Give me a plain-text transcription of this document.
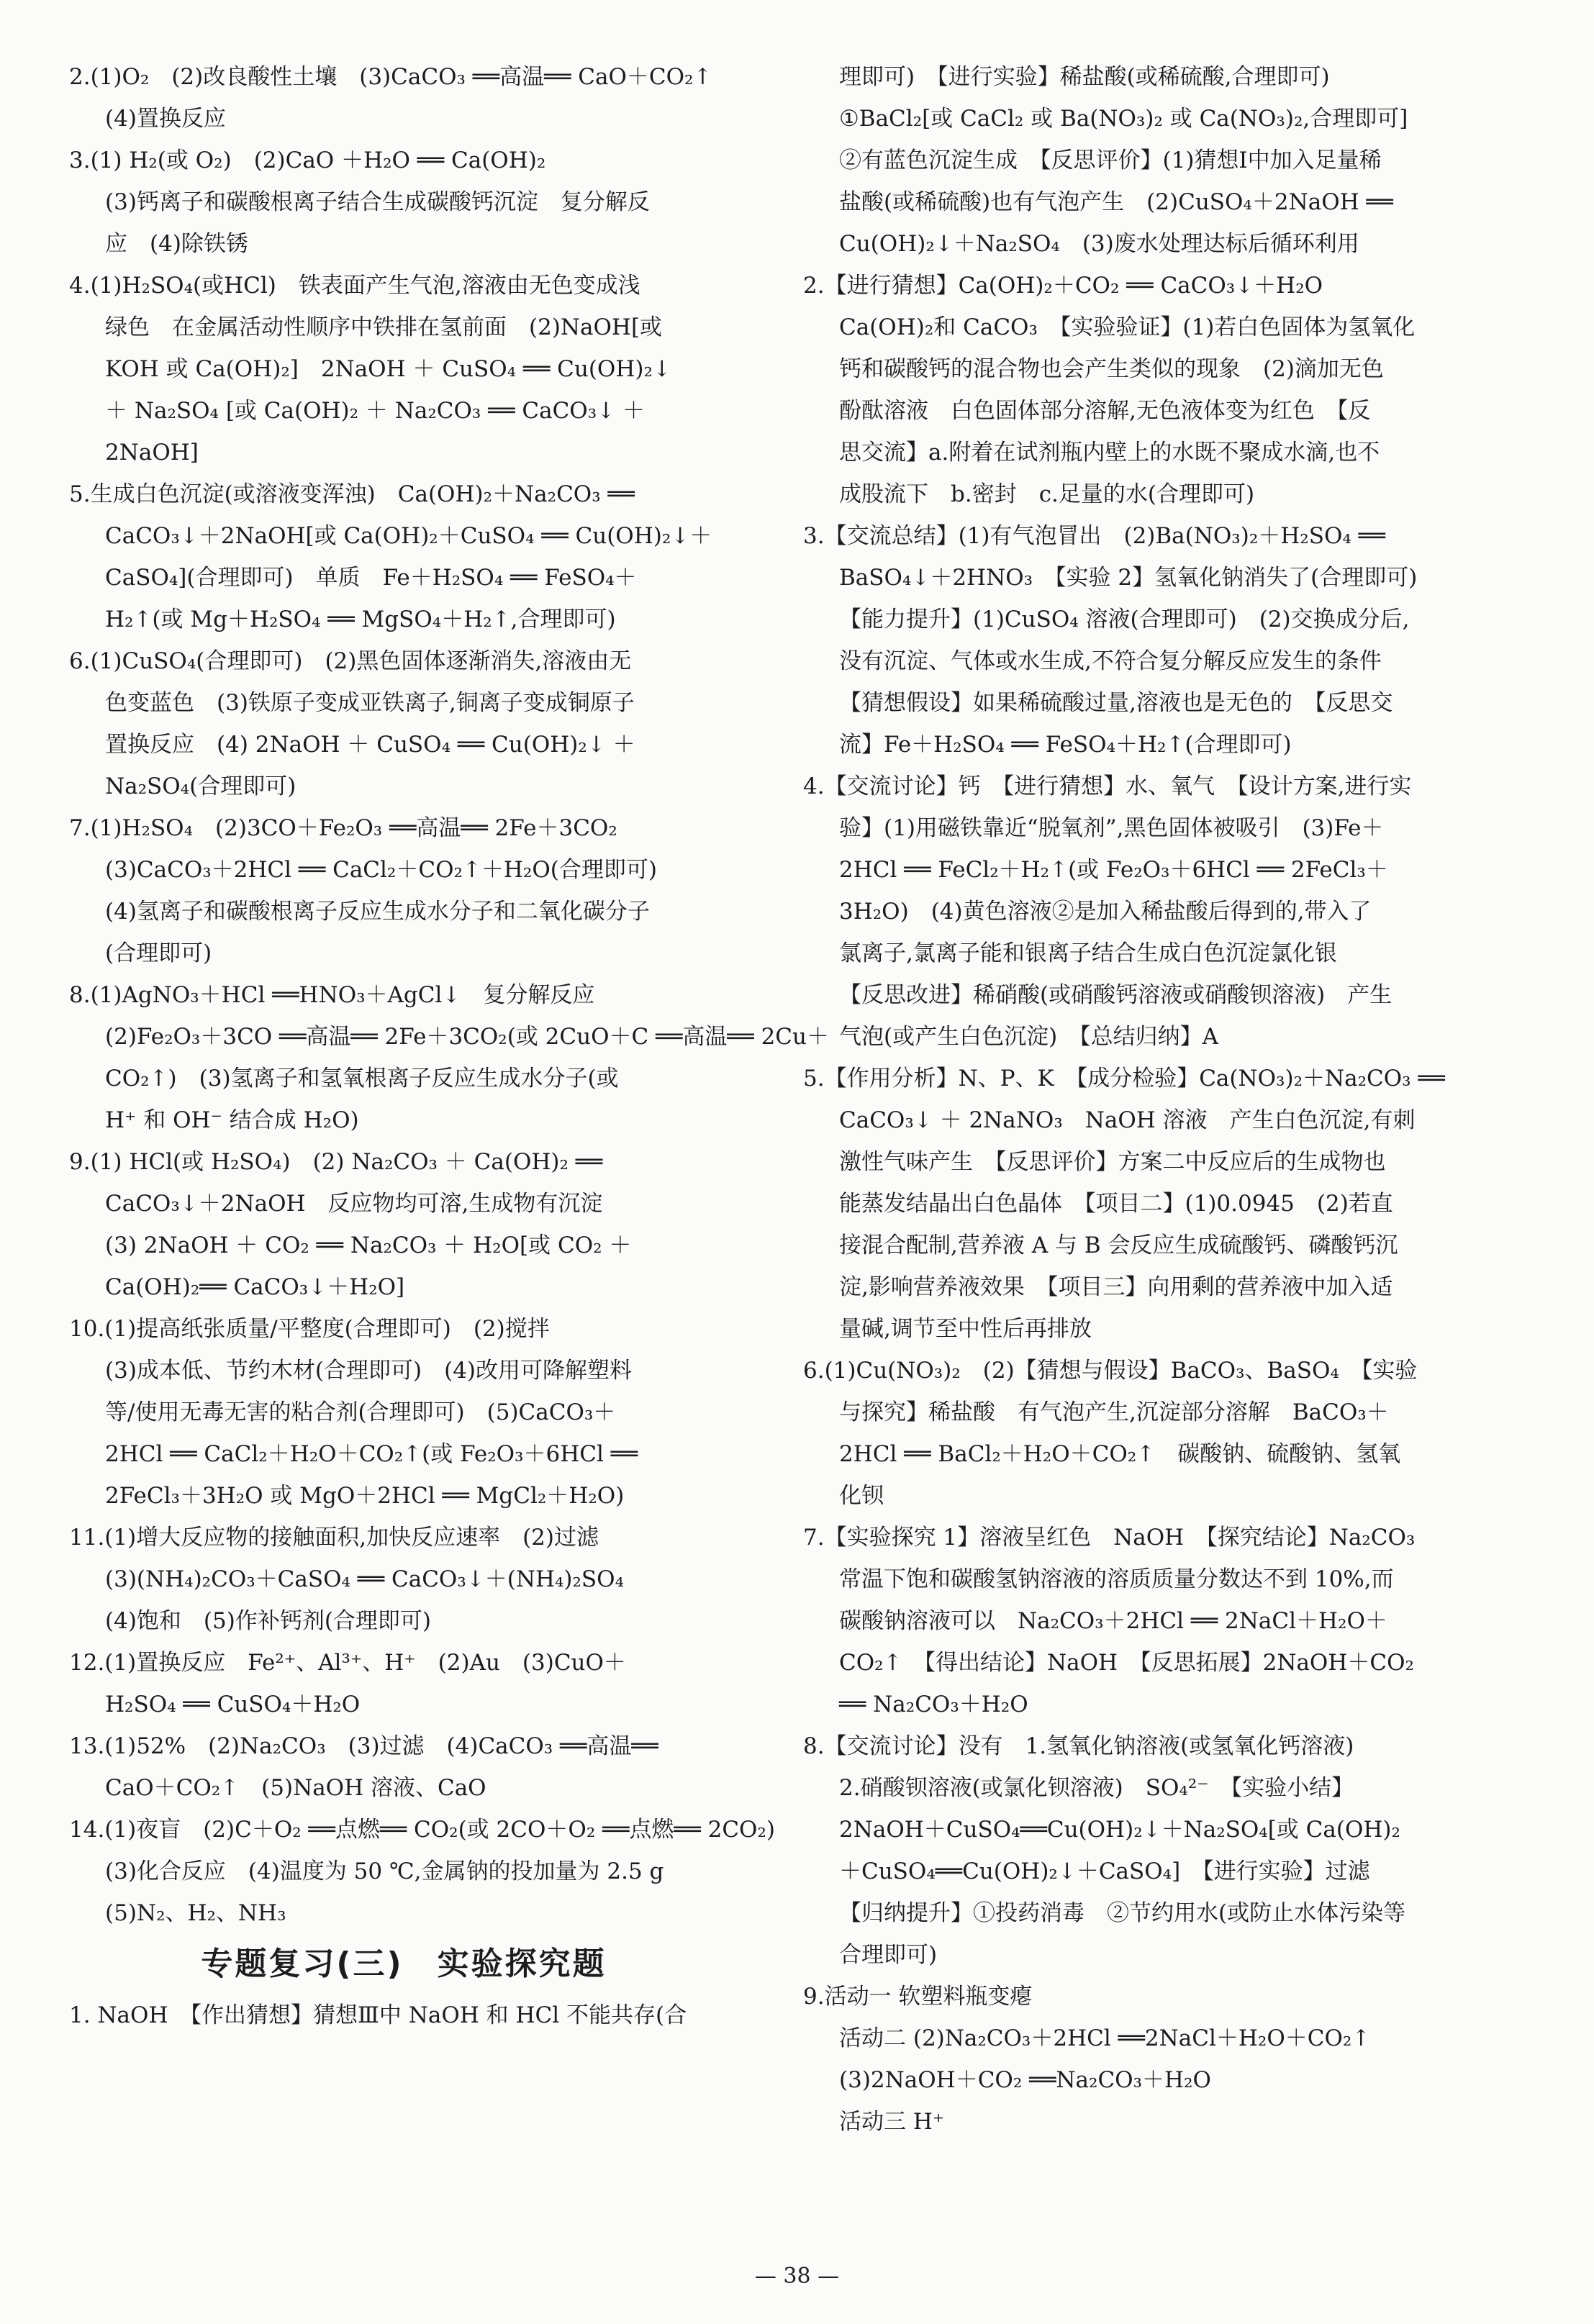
2.(1)O₂　(2)改良酸性土壤　(3)CaCO₃ ══高温══ CaO＋CO₂↑
(4)置换反应
3.(1) H₂(或 O₂)　(2)CaO ＋H₂O ══ Ca(OH)₂
(3)钙离子和碳酸根离子结合生成碳酸钙沉淀　复分解反
应　(4)除铁锈
4.(1)H₂SO₄(或HCl)　铁表面产生气泡,溶液由无色变成浅
绿色　在金属活动性顺序中铁排在氢前面　(2)NaOH[或
KOH 或 Ca(OH)₂]　2NaOH ＋ CuSO₄ ══ Cu(OH)₂↓
＋ Na₂SO₄ [或 Ca(OH)₂ ＋ Na₂CO₃ ══ CaCO₃↓ ＋
2NaOH]
5.生成白色沉淀(或溶液变浑浊)　Ca(OH)₂＋Na₂CO₃ ══
CaCO₃↓＋2NaOH[或 Ca(OH)₂＋CuSO₄ ══ Cu(OH)₂↓＋
CaSO₄](合理即可)　单质　Fe＋H₂SO₄ ══ FeSO₄＋
H₂↑(或 Mg＋H₂SO₄ ══ MgSO₄＋H₂↑,合理即可)
6.(1)CuSO₄(合理即可)　(2)黑色固体逐渐消失,溶液由无
色变蓝色　(3)铁原子变成亚铁离子,铜离子变成铜原子
置换反应　(4) 2NaOH ＋ CuSO₄ ══ Cu(OH)₂↓ ＋
Na₂SO₄(合理即可)
7.(1)H₂SO₄　(2)3CO＋Fe₂O₃ ══高温══ 2Fe＋3CO₂
(3)CaCO₃＋2HCl ══ CaCl₂＋CO₂↑＋H₂O(合理即可)
(4)氢离子和碳酸根离子反应生成水分子和二氧化碳分子
(合理即可)
8.(1)AgNO₃＋HCl ══HNO₃＋AgCl↓　复分解反应
(2)Fe₂O₃＋3CO ══高温══ 2Fe＋3CO₂(或 2CuO＋C ══高温══ 2Cu＋
CO₂↑)　(3)氢离子和氢氧根离子反应生成水分子(或
H⁺ 和 OH⁻ 结合成 H₂O)
9.(1) HCl(或 H₂SO₄)　(2) Na₂CO₃ ＋ Ca(OH)₂ ══
CaCO₃↓＋2NaOH　反应物均可溶,生成物有沉淀
(3) 2NaOH ＋ CO₂ ══ Na₂CO₃ ＋ H₂O[或 CO₂ ＋
Ca(OH)₂══ CaCO₃↓＋H₂O]
10.(1)提高纸张质量/平整度(合理即可)　(2)搅拌
(3)成本低、节约木材(合理即可)　(4)改用可降解塑料
等/使用无毒无害的粘合剂(合理即可)　(5)CaCO₃＋
2HCl ══ CaCl₂＋H₂O＋CO₂↑(或 Fe₂O₃＋6HCl ══
2FeCl₃＋3H₂O 或 MgO＋2HCl ══ MgCl₂＋H₂O)
11.(1)增大反应物的接触面积,加快反应速率　(2)过滤
(3)(NH₄)₂CO₃＋CaSO₄ ══ CaCO₃↓＋(NH₄)₂SO₄
(4)饱和　(5)作补钙剂(合理即可)
12.(1)置换反应　Fe²⁺、Al³⁺、H⁺　(2)Au　(3)CuO＋
H₂SO₄ ══ CuSO₄＋H₂O
13.(1)52%　(2)Na₂CO₃　(3)过滤　(4)CaCO₃ ══高温══
CaO＋CO₂↑　(5)NaOH 溶液、CaO
14.(1)夜盲　(2)C＋O₂ ══点燃══ CO₂(或 2CO＋O₂ ══点燃══ 2CO₂)
(3)化合反应　(4)温度为 50 ℃,金属钠的投加量为 2.5 g
(5)N₂、H₂、NH₃
专题复习(三)　实验探究题
1. NaOH　【作出猜想】猜想Ⅲ中 NaOH 和 HCl 不能共存(合
理即可)　【进行实验】稀盐酸(或稀硫酸,合理即可)
①BaCl₂[或 CaCl₂ 或 Ba(NO₃)₂ 或 Ca(NO₃)₂,合理即可]
②有蓝色沉淀生成　【反思评价】(1)猜想Ⅰ中加入足量稀
盐酸(或稀硫酸)也有气泡产生　(2)CuSO₄＋2NaOH ══
Cu(OH)₂↓＋Na₂SO₄　(3)废水处理达标后循环利用
2.【进行猜想】Ca(OH)₂＋CO₂ ══ CaCO₃↓＋H₂O
Ca(OH)₂和 CaCO₃　【实验验证】(1)若白色固体为氢氧化
钙和碳酸钙的混合物也会产生类似的现象　(2)滴加无色
酚酞溶液　白色固体部分溶解,无色液体变为红色　【反
思交流】a.附着在试剂瓶内壁上的水既不聚成水滴,也不
成股流下　b.密封　c.足量的水(合理即可)
3.【交流总结】(1)有气泡冒出　(2)Ba(NO₃)₂＋H₂SO₄ ══
BaSO₄↓＋2HNO₃　【实验 2】氢氧化钠消失了(合理即可)
【能力提升】(1)CuSO₄ 溶液(合理即可)　(2)交换成分后,
没有沉淀、气体或水生成,不符合复分解反应发生的条件
【猜想假设】如果稀硫酸过量,溶液也是无色的　【反思交
流】Fe＋H₂SO₄ ══ FeSO₄＋H₂↑(合理即可)
4.【交流讨论】钙　【进行猜想】水、氧气　【设计方案,进行实
验】(1)用磁铁靠近“脱氧剂”,黑色固体被吸引　(3)Fe＋
2HCl ══ FeCl₂＋H₂↑(或 Fe₂O₃＋6HCl ══ 2FeCl₃＋
3H₂O)　(4)黄色溶液②是加入稀盐酸后得到的,带入了
氯离子,氯离子能和银离子结合生成白色沉淀氯化银
【反思改进】稀硝酸(或硝酸钙溶液或硝酸钡溶液)　产生
气泡(或产生白色沉淀)　【总结归纳】A
5.【作用分析】N、P、K　【成分检验】Ca(NO₃)₂＋Na₂CO₃ ══
CaCO₃↓ ＋ 2NaNO₃　NaOH 溶液　产生白色沉淀,有刺
激性气味产生　【反思评价】方案二中反应后的生成物也
能蒸发结晶出白色晶体　【项目二】(1)0.0945　(2)若直
接混合配制,营养液 A 与 B 会反应生成硫酸钙、磷酸钙沉
淀,影响营养液效果　【项目三】向用剩的营养液中加入适
量碱,调节至中性后再排放
6.(1)Cu(NO₃)₂　(2)【猜想与假设】BaCO₃、BaSO₄　【实验
与探究】稀盐酸　有气泡产生,沉淀部分溶解　BaCO₃＋
2HCl ══ BaCl₂＋H₂O＋CO₂↑　碳酸钠、硫酸钠、氢氧
化钡
7.【实验探究 1】溶液呈红色　NaOH　【探究结论】Na₂CO₃
常温下饱和碳酸氢钠溶液的溶质质量分数达不到 10%,而
碳酸钠溶液可以　Na₂CO₃＋2HCl ══ 2NaCl＋H₂O＋
CO₂↑　【得出结论】NaOH　【反思拓展】2NaOH＋CO₂
══ Na₂CO₃＋H₂O
8.【交流讨论】没有　1.氢氧化钠溶液(或氢氧化钙溶液)
2.硝酸钡溶液(或氯化钡溶液)　SO₄²⁻　【实验小结】
2NaOH＋CuSO₄══Cu(OH)₂↓＋Na₂SO₄[或 Ca(OH)₂
＋CuSO₄══Cu(OH)₂↓＋CaSO₄]　【进行实验】过滤
【归纳提升】①投药消毒　②节约用水(或防止水体污染等
合理即可)
9.活动一 软塑料瓶变瘪
活动二 (2)Na₂CO₃＋2HCl ══2NaCl＋H₂O＋CO₂↑
(3)2NaOH＋CO₂ ══Na₂CO₃＋H₂O
活动三 H⁺
— 38 —
